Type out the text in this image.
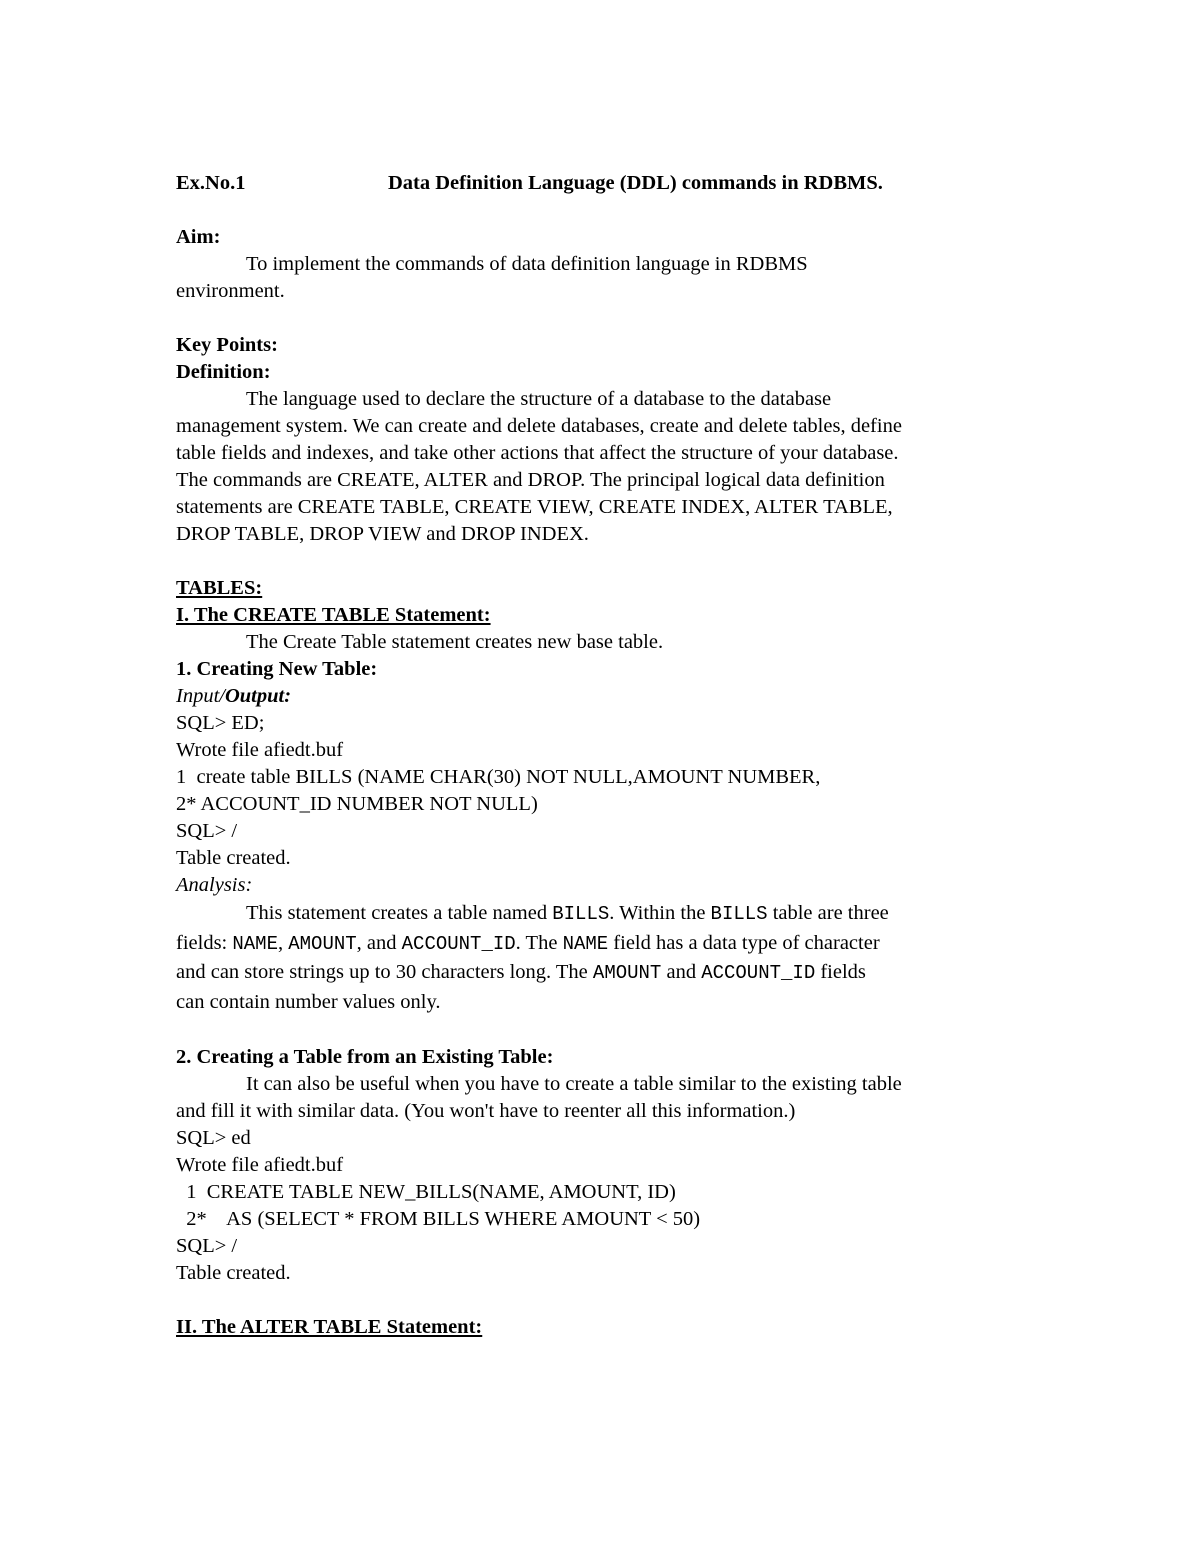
Ex.No.1	Data Definition Language (DDL) commands in RDBMS.
Aim:
To implement the commands of data definition language in RDBMS
environment.
Key Points:
Definition:
The language used to declare the structure of a database to the database
management system. We can create and delete databases, create and delete tables, define
table fields and indexes, and take other actions that affect the structure of your database.
The commands are CREATE, ALTER and DROP. The principal logical data definition
statements are CREATE TABLE, CREATE VIEW, CREATE INDEX, ALTER TABLE,
DROP TABLE, DROP VIEW and DROP INDEX.
TABLES:
I. The CREATE TABLE Statement:
The Create Table statement creates new base table.
1. Creating New Table:
Input/Output:
SQL> ED;
Wrote file afiedt.buf
1  create table BILLS (NAME CHAR(30) NOT NULL,AMOUNT NUMBER,
2* ACCOUNT_ID NUMBER NOT NULL)
SQL> /
Table created.
Analysis:
This statement creates a table named BILLS. Within the BILLS table are three
fields: NAME, AMOUNT, and ACCOUNT_ID. The NAME field has a data type of character
and can store strings up to 30 characters long. The AMOUNT and ACCOUNT_ID fields
can contain number values only.
2. Creating a Table from an Existing Table:
It can also be useful when you have to create a table similar to the existing table
and fill it with similar data. (You won't have to reenter all this information.)
SQL> ed
Wrote file afiedt.buf
1  CREATE TABLE NEW_BILLS(NAME, AMOUNT, ID)
2*    AS (SELECT * FROM BILLS WHERE AMOUNT < 50)
SQL> /
Table created.
II. The ALTER TABLE Statement:
